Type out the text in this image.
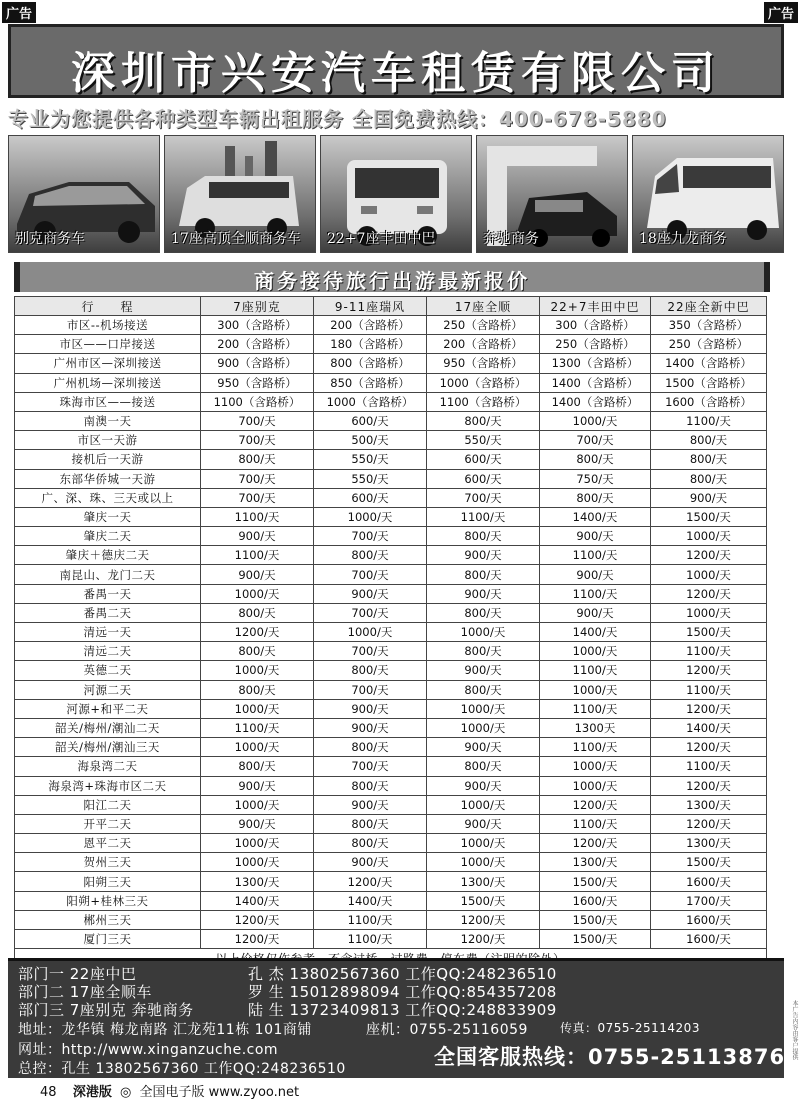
广告	广告
深圳市兴安汽车租赁有限公司
专业为您提供各种类型车辆出租服务 全国免费热线：400-678-5880
别克商务车	17座高顶全顺商务车 22+7座丰田中巴	奔驰商务	18座九龙商务
商务接待旅行出游最新报价
行　　程	7座别克	9-11座瑞风	17座全顺	22+7丰田中巴	22座全新中巴
市区--机场接送	300（含路桥）	200（含路桥）	250（含路桥）	300（含路桥）	350（含路桥）
市区——口岸接送	200（含路桥）	180（含路桥）	200（含路桥）	250（含路桥）	250（含路桥）
广州市区—深圳接送	900（含路桥）	800（含路桥）	950（含路桥）	1300（含路桥）	1400（含路桥）
广州机场—深圳接送	950（含路桥）	850（含路桥）	1000（含路桥）	1400（含路桥）	1500（含路桥）
珠海市区——接送	1100（含路桥）	1000（含路桥）	1100（含路桥）	1400（含路桥）	1600（含路桥）
南澳一天	700/天	600/天	800/天	1000/天	1100/天
市区一天游	700/天	500/天	550/天	700/天	800/天
接机后一天游	800/天	550/天	600/天	800/天	800/天
东部华侨城一天游	700/天	550/天	600/天	750/天	800/天
广、深、珠、三天或以上	700/天	600/天	700/天	800/天	900/天
肇庆一天	1100/天	1000/天	1100/天	1400/天	1500/天
肇庆二天	900/天	700/天	800/天	900/天	1000/天
肇庆＋德庆二天	1100/天	800/天	900/天	1100/天	1200/天
南昆山、龙门二天	900/天	700/天	800/天	900/天	1000/天
番禺一天	1000/天	900/天	900/天	1100/天	1200/天
番禺二天	800/天	700/天	800/天	900/天	1000/天
清远一天	1200/天	1000/天	1000/天	1400/天	1500/天
清远二天	800/天	700/天	800/天	1000/天	1100/天
英德二天	1000/天	800/天	900/天	1100/天	1200/天
河源二天	800/天	700/天	800/天	1000/天	1100/天
河源+和平二天	1000/天	900/天	1000/天	1100/天	1200/天
韶关/梅州/潮汕二天	1100/天	900/天	1000/天	1300天	1400/天
韶关/梅州/潮汕三天	1000/天	800/天	900/天	1100/天	1200/天
海泉湾二天	800/天	700/天	800/天	1000/天	1100/天
海泉湾+珠海市区二天	900/天	800/天	900/天	1000/天	1200/天
阳江二天	1000/天	900/天	1000/天	1200/天	1300/天
开平二天	900/天	800/天	900/天	1100/天	1200/天
恩平二天	1000/天	800/天	1000/天	1200/天	1300/天
贺州三天	1000/天	900/天	1000/天	1300/天	1500/天
阳朔三天	1300/天	1200/天	1300/天	1500/天	1600/天
阳朔+桂林三天	1400/天	1400/天	1500/天	1600/天	1700/天
郴州三天	1200/天	1100/天	1200/天	1500/天	1600/天
厦门三天	1200/天	1100/天	1200/天	1500/天	1600/天

部门一 22座中巴	孔 杰 13802567360 工作QQ:248236510
部门二 17座全顺车	罗 生 15012898094 工作QQ:854357208
部门三 7座别克 奔驰商务	陆 生 13723409813 工作QQ:248833909
地址：龙华镇 梅龙南路 汇龙苑11栋 101商铺	座机：0755-25116059	传真：0755-25114203
网址：http://www.xinganzuche.com
总控：孔生 13802567360 工作QQ:248236510	全国客服热线：0755-25113876
48 深港版 ◎ 全国电子版 www.zyoo.net
本广告内容由客户提供
